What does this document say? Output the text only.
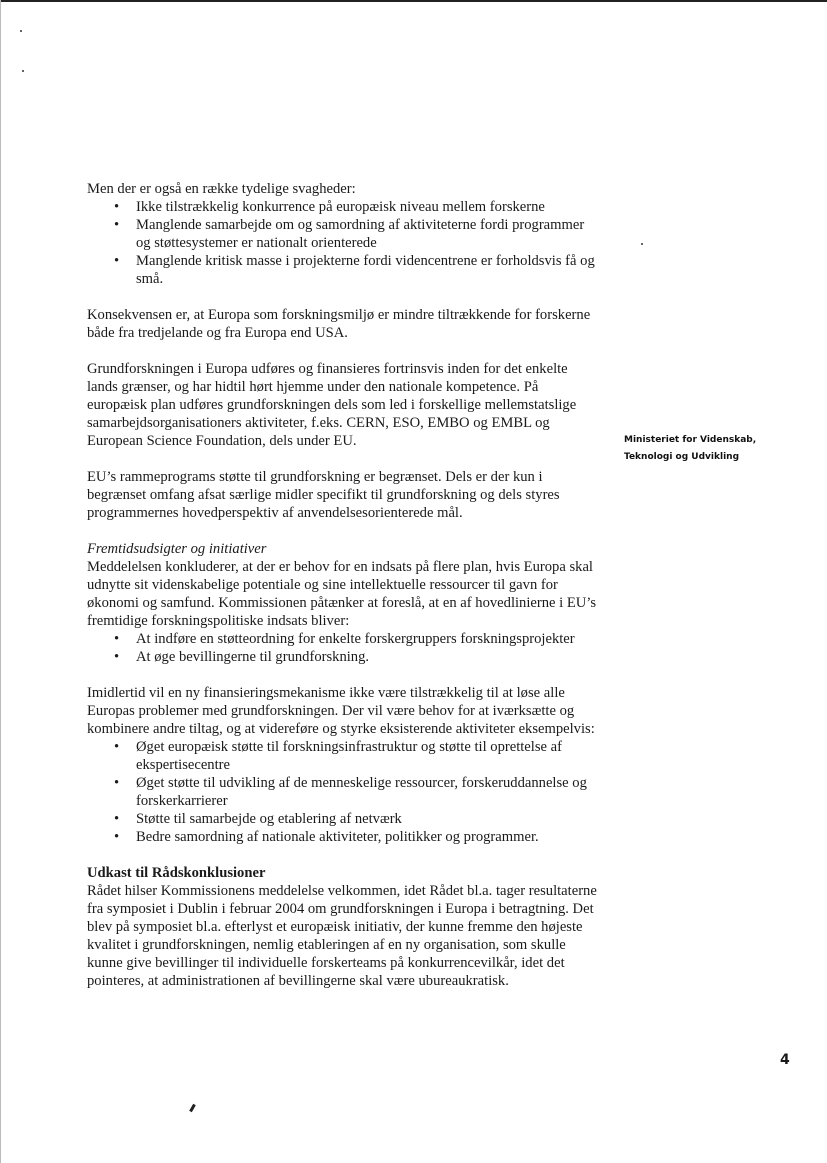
Men der er også en række tydelige svagheder:

• Ikke tilstrækkelig konkurrence på europæisk niveau mellem forskerne
• Manglende samarbejde om og samordning af aktiviteterne fordi programmer og støttesystemer er nationalt orienterede
• Manglende kritisk masse i projekterne fordi videncentrene er forholdsvis få og små.

Konsekvensen er, at Europa som forskningsmiljø er mindre tiltrækkende for forskerne både fra tredjelande og fra Europa end USA.

Grundforskningen i Europa udføres og finansieres fortrinsvis inden for det enkelte lands grænser, og har hidtil hørt hjemme under den nationale kompetence. På europæisk plan udføres grundforskningen dels som led i forskellige mellemstatslige samarbejdsorganisationers aktiviteter, f.eks. CERN, ESO, EMBO og EMBL og European Science Foundation, dels under EU.

EU’s rammeprograms støtte til grundforskning er begrænset. Dels er der kun i begrænset omfang afsat særlige midler specifikt til grundforskning og dels styres programmernes hovedperspektiv af anvendelsesorienterede mål.

Fremtidsudsigter og initiativer

Meddelelsen konkluderer, at der er behov for en indsats på flere plan, hvis Europa skal udnytte sit videnskabelige potentiale og sine intellektuelle ressourcer til gavn for økonomi og samfund. Kommissionen påtænker at foreslå, at en af hovedlinierne i EU’s fremtidige forskningspolitiske indsats bliver:

• At indføre en støtteordning for enkelte forskergruppers forskningsprojekter
• At øge bevillingerne til grundforskning.

Imidlertid vil en ny finansieringsmekanisme ikke være tilstrækkelig til at løse alle Europas problemer med grundforskningen. Der vil være behov for at iværksætte og kombinere andre tiltag, og at videreføre og styrke eksisterende aktiviteter eksempelvis:

• Øget europæisk støtte til forskningsinfrastruktur og støtte til oprettelse af ekspertisecentre
• Øget støtte til udvikling af de menneskelige ressourcer, forskeruddannelse og forskerkarrierer
• Støtte til samarbejde og etablering af netværk
• Bedre samordning af nationale aktiviteter, politikker og programmer.

Udkast til Rådskonklusioner

Rådet hilser Kommissionens meddelelse velkommen, idet Rådet bl.a. tager resultaterne fra symposiet i Dublin i februar 2004 om grundforskningen i Europa i betragtning. Det blev på symposiet bl.a. efterlyst et europæisk initiativ, der kunne fremme den højeste kvalitet i grundforskningen, nemlig etableringen af en ny organisation, som skulle kunne give bevillinger til individuelle forskerteams på konkurrencevilkår, idet det pointeres, at administrationen af bevillingerne skal være ubureaukratisk.

Ministeriet for Videnskab,
Teknologi og Udvikling
4
